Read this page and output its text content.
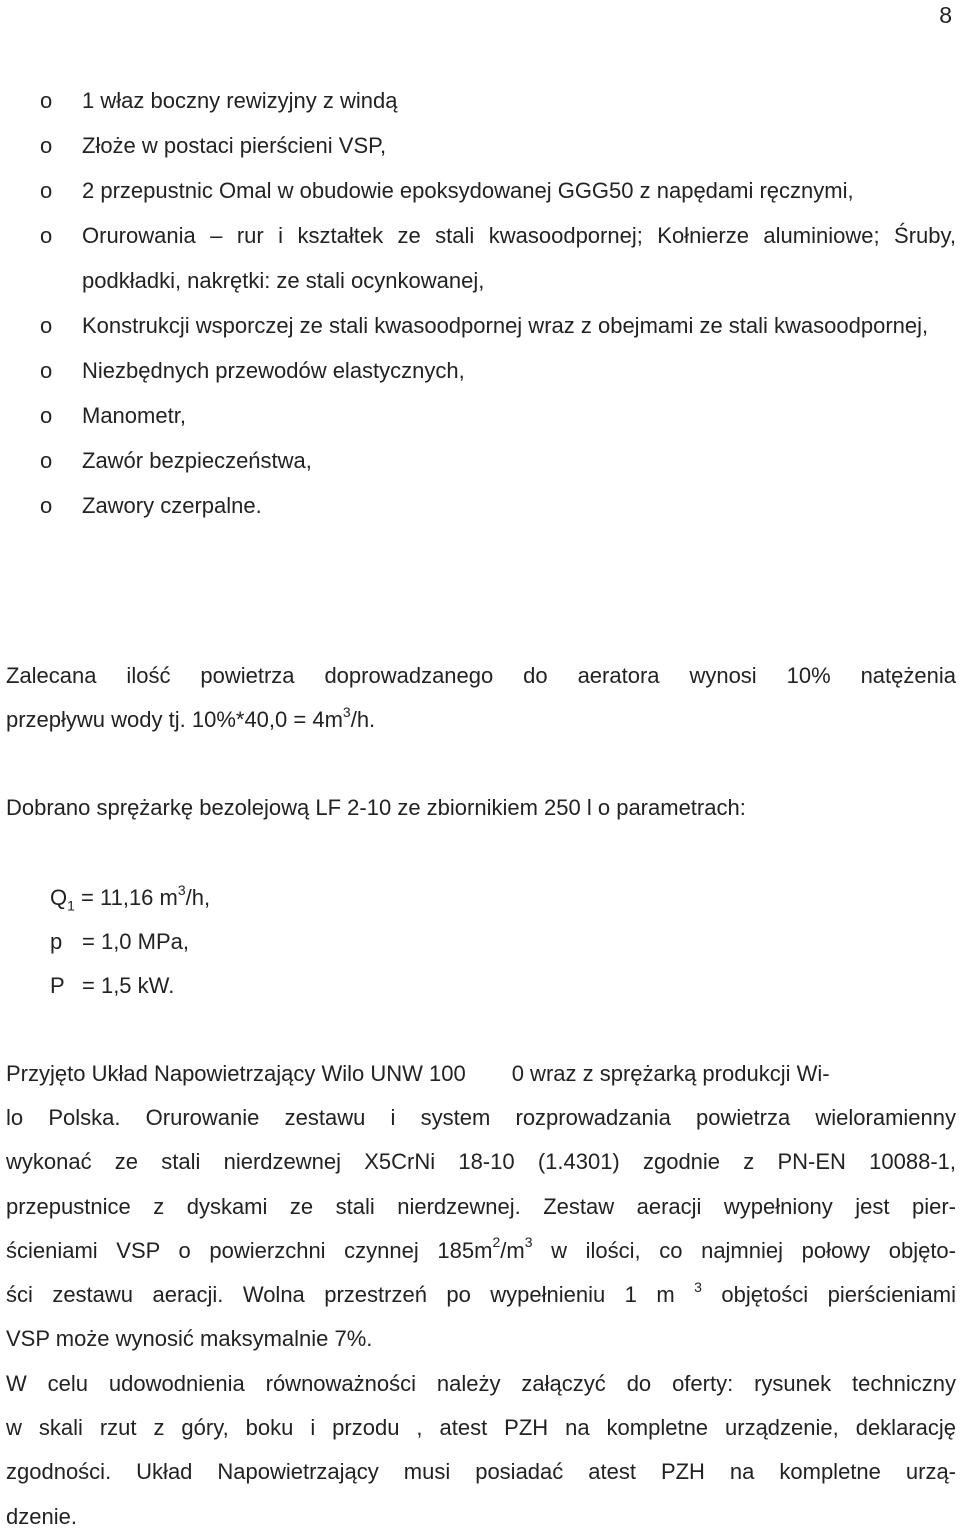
8
o	1 właz boczny rewizyjny z windą
o	Złoże w postaci pierścieni VSP,
o	2 przepustnic Omal w obudowie epoksydowanej GGG50 z napędami ręcznymi,
o	Orurowania – rur i kształtek ze stali kwasoodpornej; Kołnierze aluminiowe; Śruby, podkładki, nakrętki: ze stali ocynkowanej,
o	Konstrukcji wsporczej ze stali kwasoodpornej wraz z obejmami ze stali kwasoodpornej,
o	Niezbędnych przewodów elastycznych,
o	Manometr,
o	Zawór bezpieczeństwa,
o	Zawory czerpalne.
Zalecana ilość powietrza doprowadzanego do aeratora wynosi 10% natężenia
przepływu wody tj. $10\%*40,0 = 4m^3/h$.
Dobrano sprężarkę bezolejową LF 2-10 ze zbiornikiem 250 l o parametrach:
$Q_1 = 11,16$ $m^3/h$,
p = 1,0 MPa,
P = 1,5 kW.
Przyjęto Układ Napowietrzający Wilo UNW 100 0 wraz z sprężarką produkcji Wi-
lo Polska. Orurowanie zestawu i system rozprowadzania powietrza wieloramienny
wykonać ze stali nierdzewnej X5CrNi 18-10 (1.4301) zgodnie z PN-EN 10088-1,
przepustnice z dyskami ze stali nierdzewnej. Zestaw aeracji wypełniony jest pier-
ścieniami VSP o powierzchni czynnej $185m^2/m^3$ w ilości, co najmniej połowy objęto-
ści zestawu aeracji. Wolna przestrzeń po wypełnieniu 1 m $^3$ objętości pierścieniami
VSP może wynosić maksymalnie 7%.
W celu udowodnienia równoważności należy załączyć do oferty: rysunek techniczny
w skali rzut z góry, boku i przodu , atest PZH na kompletne urządzenie, deklarację
zgodności. Układ Napowietrzający musi posiadać atest PZH na kompletne urzą-
dzenie.
